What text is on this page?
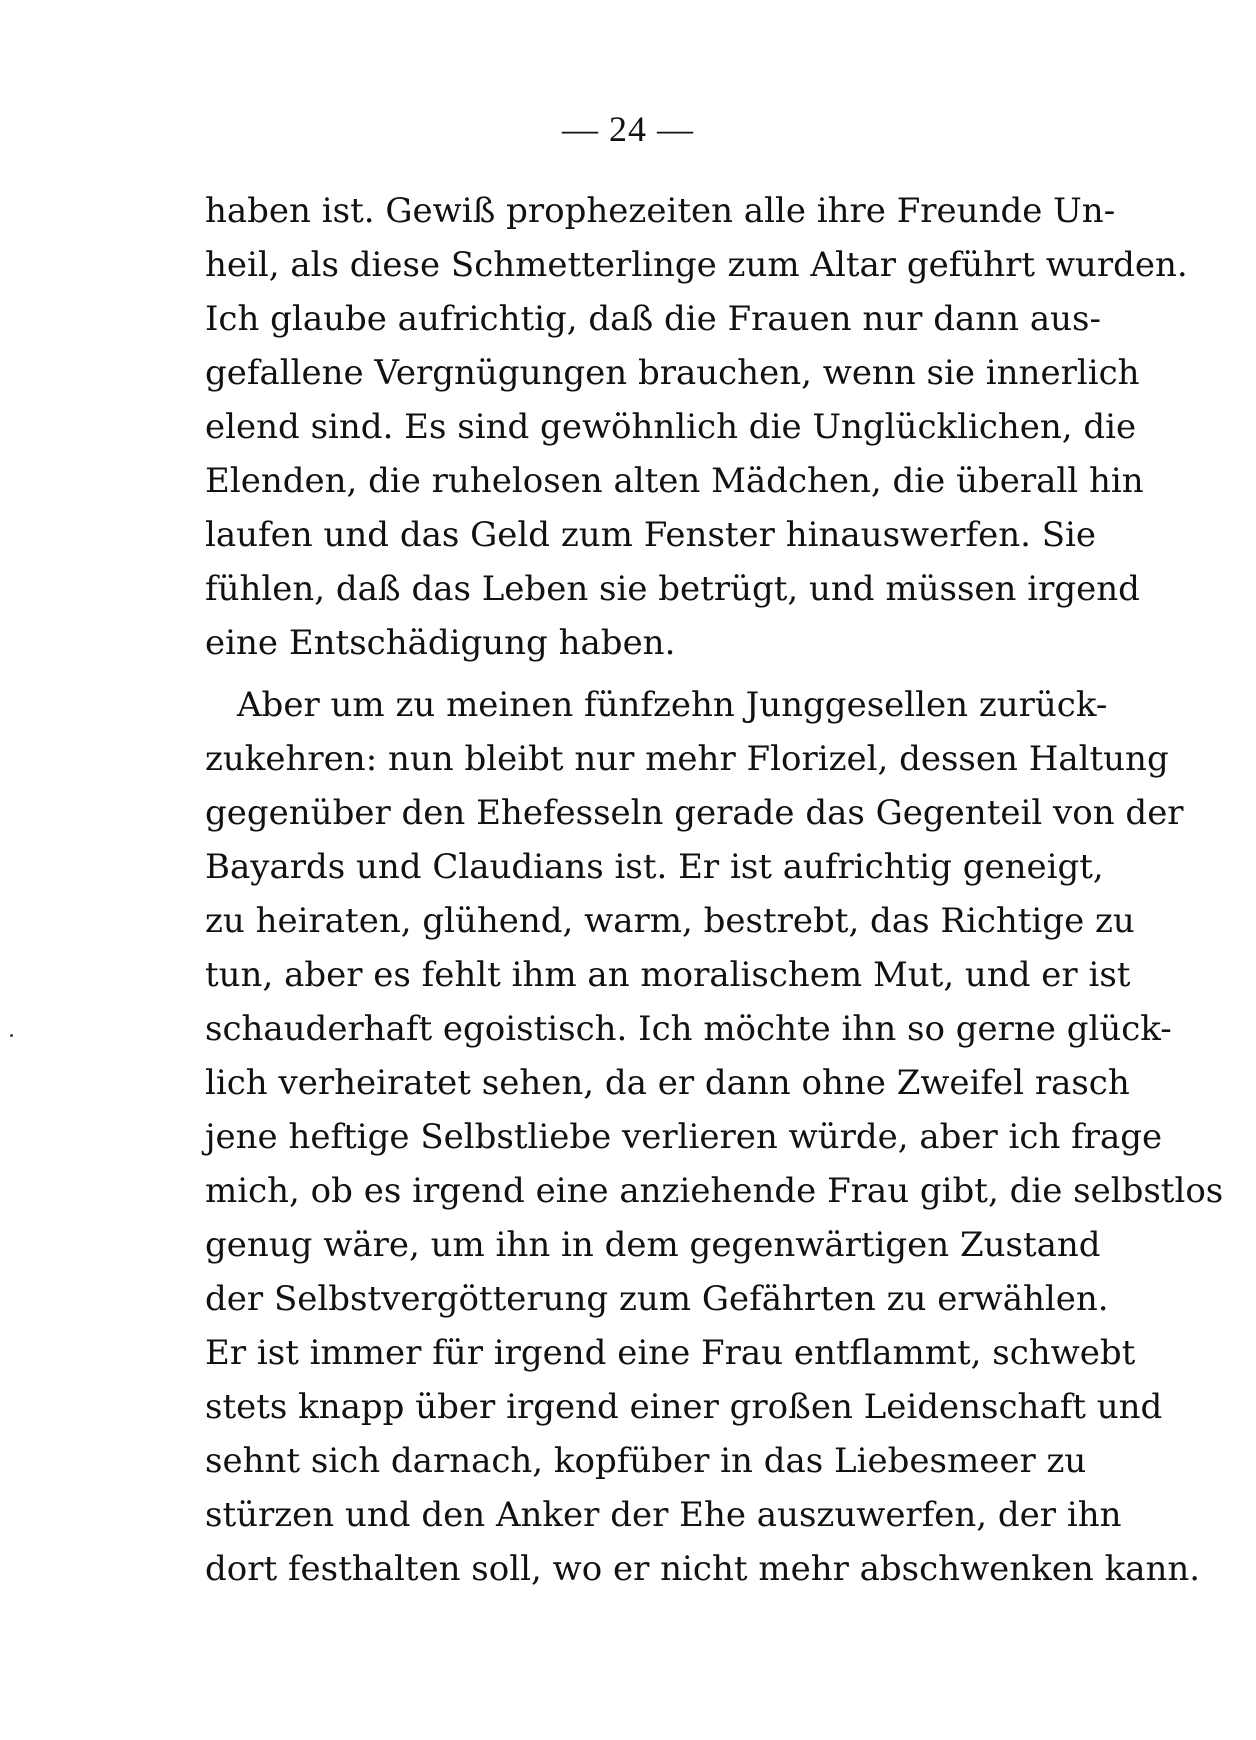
— 24 —
haben ist. Gewiß prophezeiten alle ihre Freunde Un-
heil, als diese Schmetterlinge zum Altar geführt wurden.
Ich glaube aufrichtig, daß die Frauen nur dann aus-
gefallene Vergnügungen brauchen, wenn sie innerlich
elend sind. Es sind gewöhnlich die Unglücklichen, die
Elenden, die ruhelosen alten Mädchen, die überall hin
laufen und das Geld zum Fenster hinauswerfen. Sie
fühlen, daß das Leben sie betrügt, und müssen irgend
eine Entschädigung haben.
Aber um zu meinen fünfzehn Junggesellen zurück-
zukehren: nun bleibt nur mehr Florizel, dessen Haltung
gegenüber den Ehefesseln gerade das Gegenteil von der
Bayards und Claudians ist. Er ist aufrichtig geneigt,
zu heiraten, glühend, warm, bestrebt, das Richtige zu
tun, aber es fehlt ihm an moralischem Mut, und er ist
schauderhaft egoistisch. Ich möchte ihn so gerne glück-
lich verheiratet sehen, da er dann ohne Zweifel rasch
jene heftige Selbstliebe verlieren würde, aber ich frage
mich, ob es irgend eine anziehende Frau gibt, die selbstlos
genug wäre, um ihn in dem gegenwärtigen Zustand
der Selbstvergötterung zum Gefährten zu erwählen.
Er ist immer für irgend eine Frau entflammt, schwebt
stets knapp über irgend einer großen Leidenschaft und
sehnt sich darnach, kopfüber in das Liebesmeer zu
stürzen und den Anker der Ehe auszuwerfen, der ihn
dort festhalten soll, wo er nicht mehr abschwenken kann.
